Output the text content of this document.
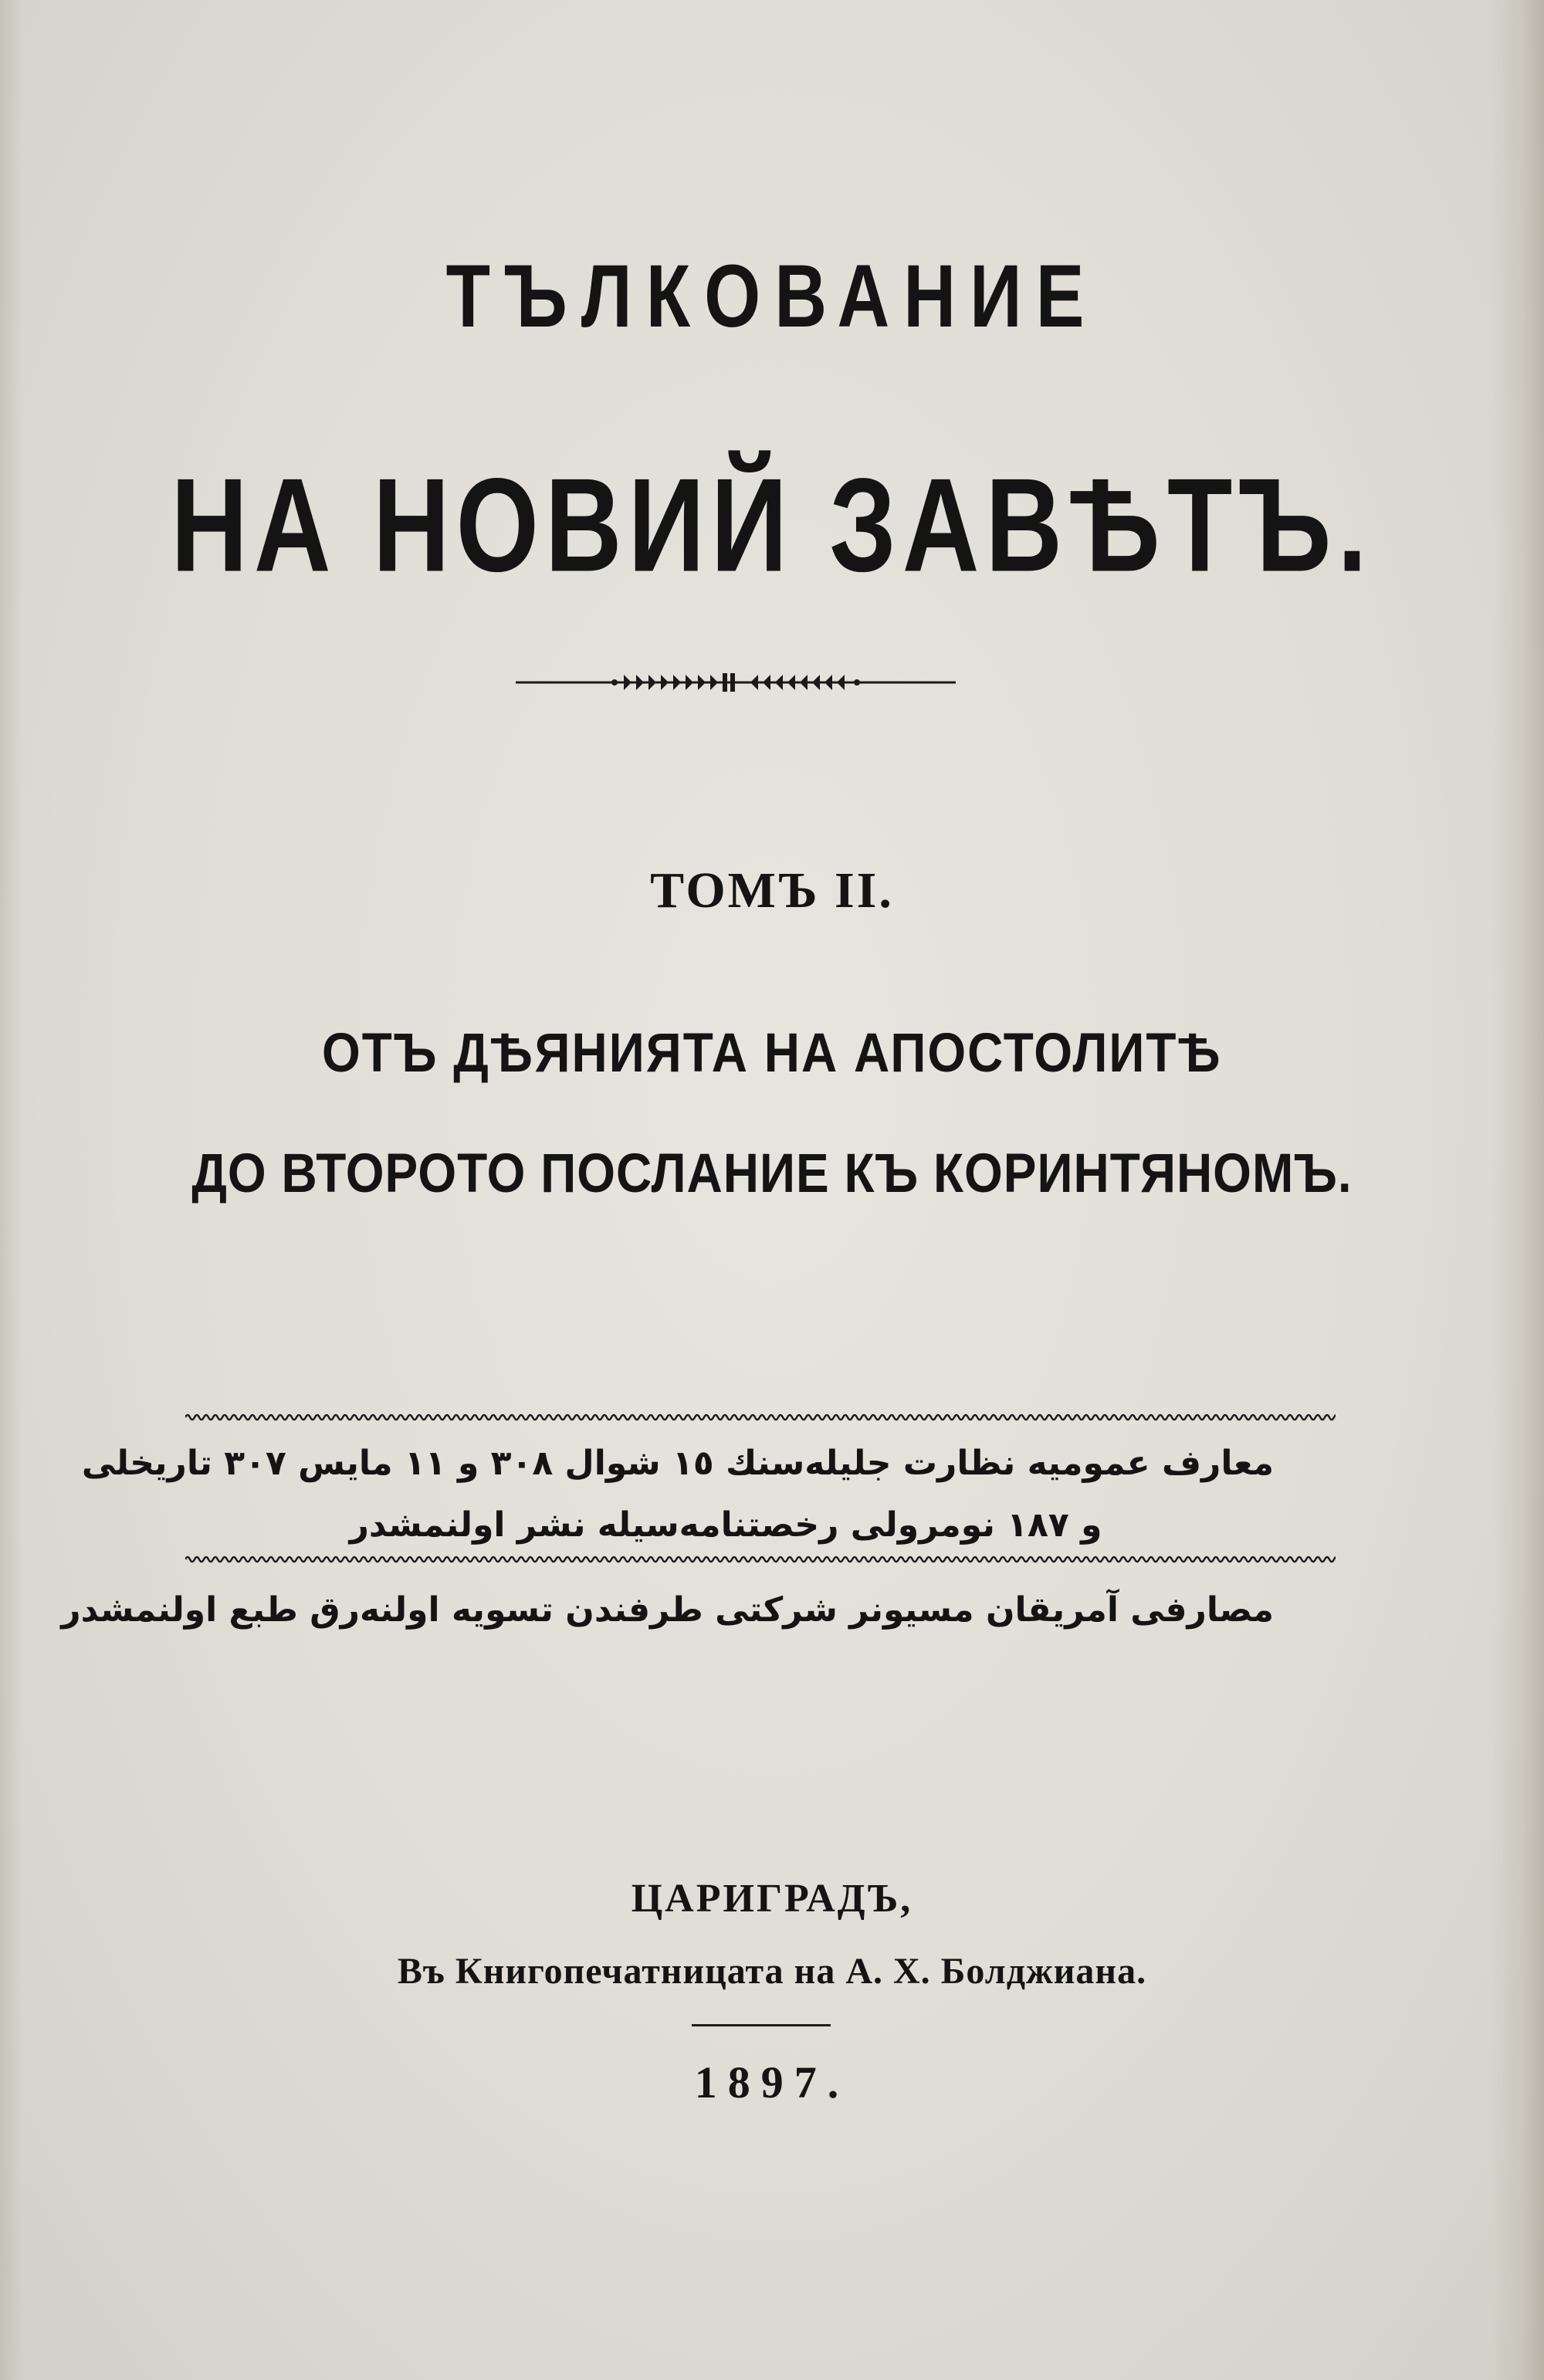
ТЪЛКОВАНИЕ
НА НОВИЙ ЗАВѢТЪ.
ТОМЪ II.
ОТЪ ДѢЯНИЯТА НА АПОСТОЛИТѢ
ДО ВТОРОТО ПОСЛАНИЕ КЪ КОРИНТЯНОМЪ.
معارف عموميه نظارت جليله‌سنك ١٥ شوال ٣٠٨ و ١١ مايس ٣٠٧ تاريخلی
و ١٨٧ نومرولی رخصتنامه‌سيله نشر اولنمشدر
مصارفی آمريقان مسيونر شركتی طرفندن تسويه اولنه‌رق طبع اولنمشدر
ЦАРИГРАДЪ,
Въ Книгопечатницата на А. Х. Болджиана.
1897.
